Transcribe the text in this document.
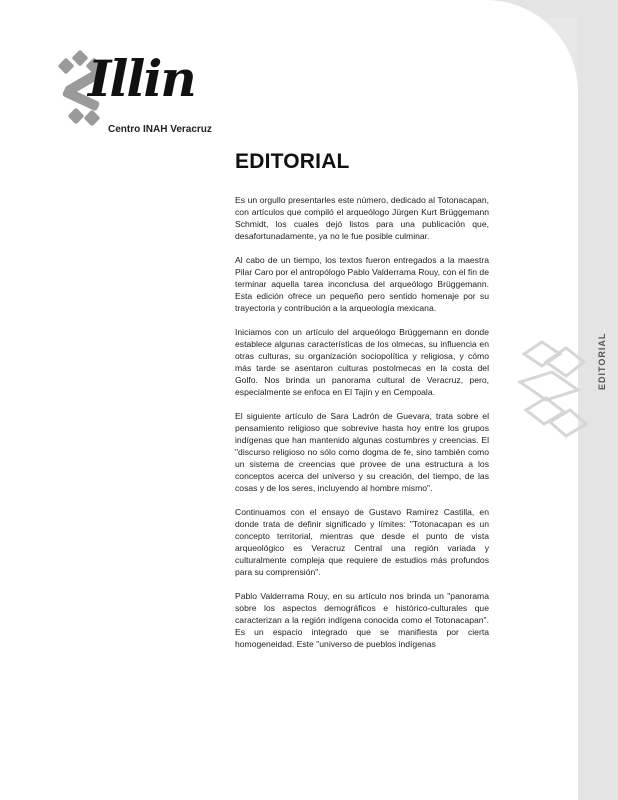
Illin
Centro INAH Veracruz
EDITORIAL
EDITORIAL

Es un orgullo presentarles este número, dedicado al Totonacapan, con artículos que compiló el arqueólogo Jürgen Kurt Brüggemann Schmidt, los cuales dejó listos para una publicación que, desafortunadamente, ya no le fue posible culminar.

Al cabo de un tiempo, los textos fueron entregados a la maestra Pilar Caro por el antropólogo Pablo Valderrama Rouy, con el fin de terminar aquella tarea inconclusa del arqueólogo Brüggemann. Esta edición ofrece un pequeño pero sentido homenaje por su trayectoria y contribución a la arqueología mexicana.

Iniciamos con un artículo del arqueólogo Brüggemann en donde establece algunas características de los olmecas, su influencia en otras culturas, su organización sociopolítica y religiosa, y cómo más tarde se asentaron culturas postolmecas en la costa del Golfo. Nos brinda un panorama cultural de Veracruz, pero, especialmente se enfoca en El Tajín y en Cempoala.

El siguiente artículo de Sara Ladrón de Guevara, trata sobre el pensamiento religioso que sobrevive hasta hoy entre los grupos indígenas que han mantenido algunas costumbres y creencias. El "discurso religioso no sólo como dogma de fe, sino también como un sistema de creencias que provee de una estructura a los conceptos acerca del universo y su creación, del tiempo, de las cosas y de los seres, incluyendo al hombre mismo".

Continuamos con el ensayo de Gustavo Ramírez Castilla, en donde trata de definir significado y límites: "Totonacapan es un concepto territorial, mientras que desde el punto de vista arqueológico es Veracruz Central una región variada y culturalmente compleja que requiere de estudios más profundos para su comprensión".

Pablo Valderrama Rouy, en su artículo nos brinda un "panorama sobre los aspectos demográficos e histórico-culturales que caracterizan a la región indígena conocida como el Totonacapan". Es un espacio integrado que se manifiesta por cierta homogeneidad. Este "universo de pueblos indígenas
